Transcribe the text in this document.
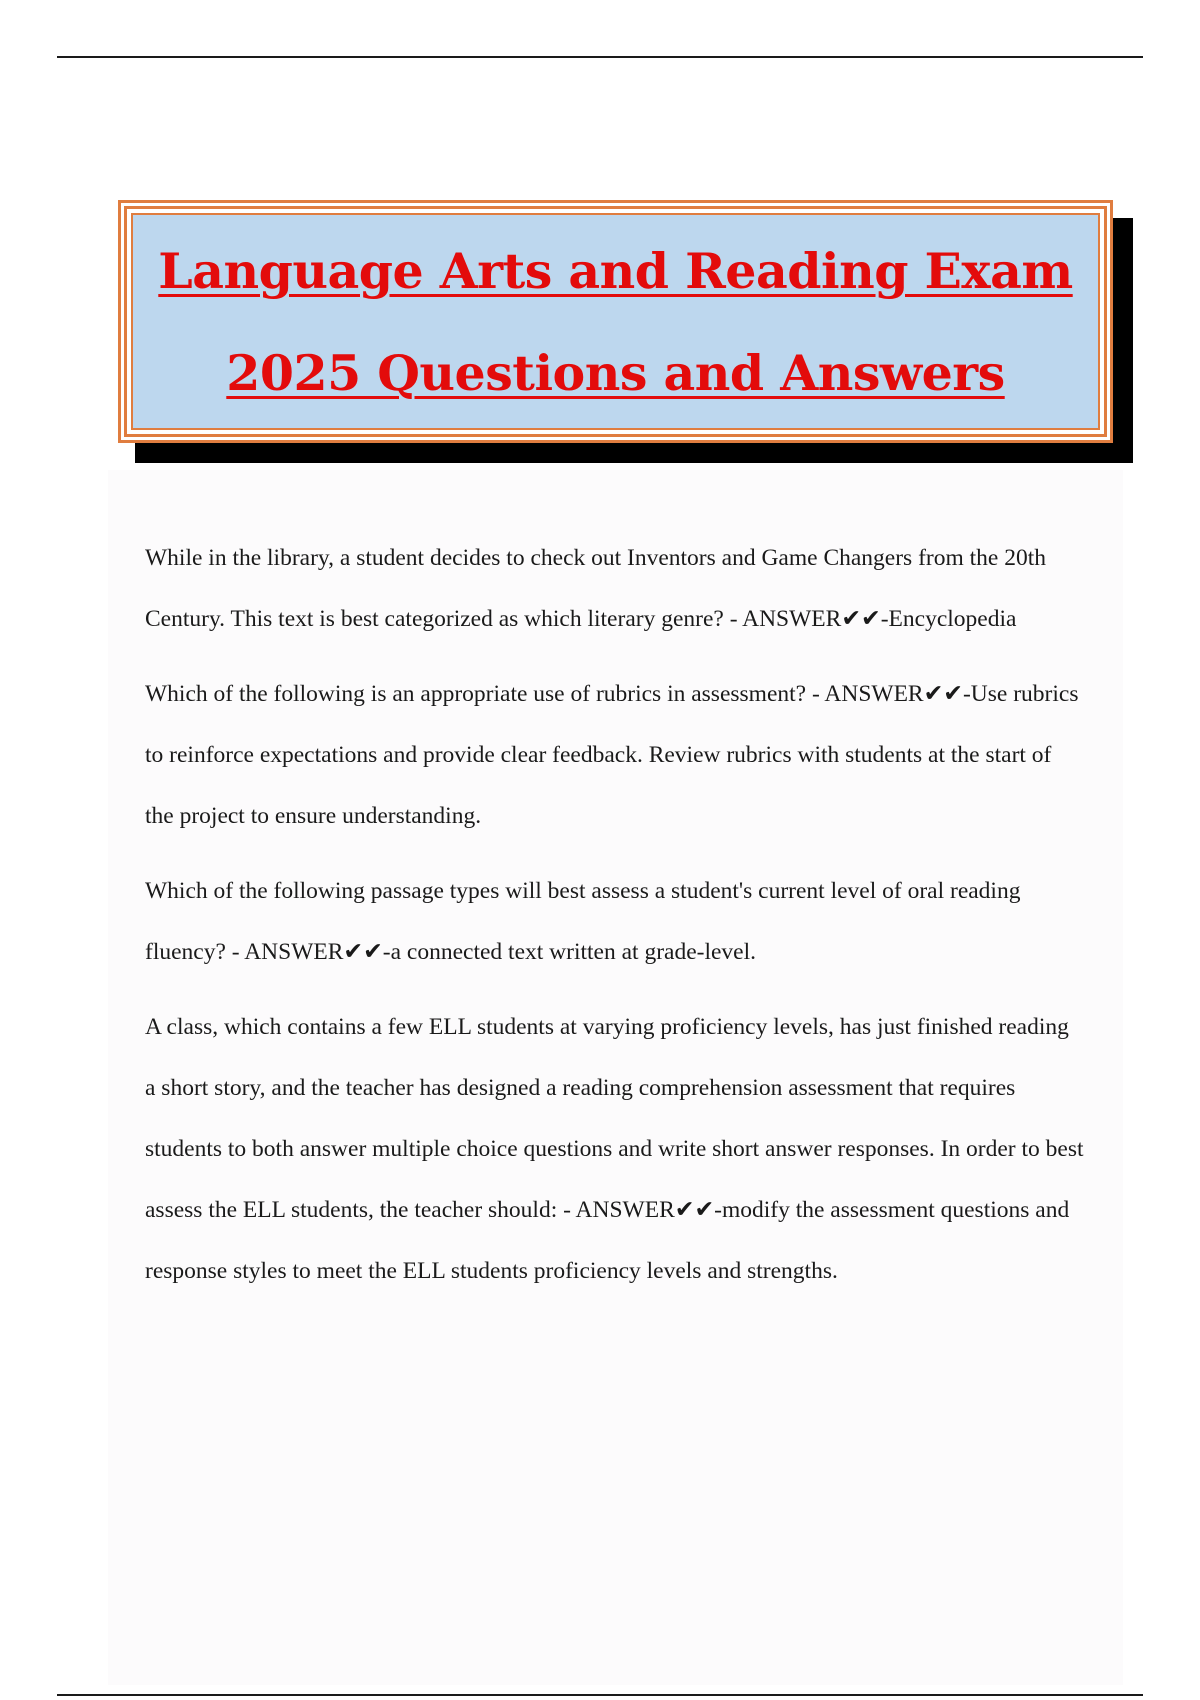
Language Arts and Reading Exam
2025 Questions and Answers

While in the library, a student decides to check out Inventors and Game Changers from the 20th Century. This text is best categorized as which literary genre? - ANSWER✔✔-Encyclopedia

Which of the following is an appropriate use of rubrics in assessment? - ANSWER✔✔-Use rubrics to reinforce expectations and provide clear feedback. Review rubrics with students at the start of the project to ensure understanding.

Which of the following passage types will best assess a student's current level of oral reading fluency? - ANSWER✔✔-a connected text written at grade-level.

A class, which contains a few ELL students at varying proficiency levels, has just finished reading a short story, and the teacher has designed a reading comprehension assessment that requires students to both answer multiple choice questions and write short answer responses. In order to best assess the ELL students, the teacher should: - ANSWER✔✔-modify the assessment questions and response styles to meet the ELL students proficiency levels and strengths.
